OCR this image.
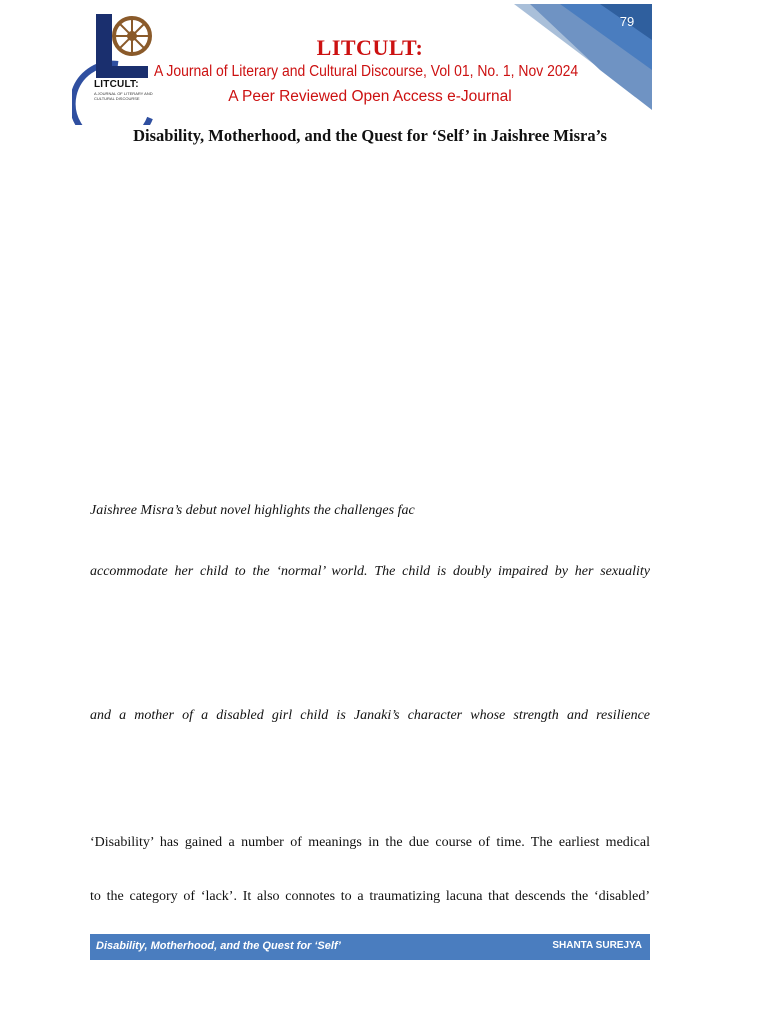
79
LITCULT:
A JOURNAL OF LITERARY AND CULTURAL DISCOURSE
LITCULT:
A Journal of Literary and Cultural Discourse, Vol 01, No. 1, Nov 2024
A Peer Reviewed Open Access e-Journal
Disability, Motherhood, and the Quest for ‘Self’ in Jaishree Misra’s
Jaishree Misra’s debut novel highlights the challenges fac
accommodate her child to the ‘normal’ world. The child is doubly impaired by her sexuality
and a mother of a disabled girl child is Janaki’s character whose strength and resilience
‘Disability’ has gained a number of meanings in the due course of time. The earliest medical
to the category of ‘lack’. It also connotes to a traumatizing lacuna that descends the ‘disabled’
Disability, Motherhood, and the Quest for ‘Self’	SHANTA SUREJYA
